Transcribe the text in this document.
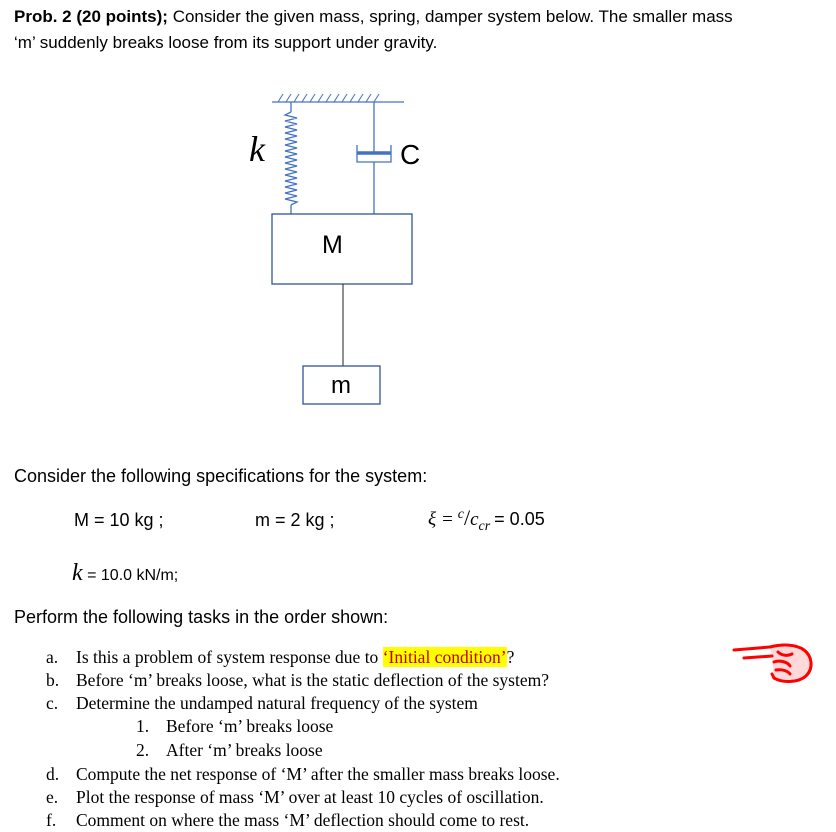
Prob. 2 (20 points); Consider the given mass, spring, damper system below. The smaller mass
‘m’ suddenly breaks loose from its support under gravity.
k	C
M
m
Consider the following specifications for the system:
M = 10 kg ;	m = 2 kg ;	ξ = c/ccr = 0.05
k = 10.0 kN/m;
Perform the following tasks in the order shown:
a. Is this a problem of system response due to ‘Initial condition’?
b. Before ‘m’ breaks loose, what is the static deflection of the system?
c. Determine the undamped natural frequency of the system
1. Before ‘m’ breaks loose
2. After ‘m’ breaks loose
d. Compute the net response of ‘M’ after the smaller mass breaks loose.
e. Plot the response of mass ‘M’ over at least 10 cycles of oscillation.
f. Comment on where the mass ‘M’ deflection should come to rest.
